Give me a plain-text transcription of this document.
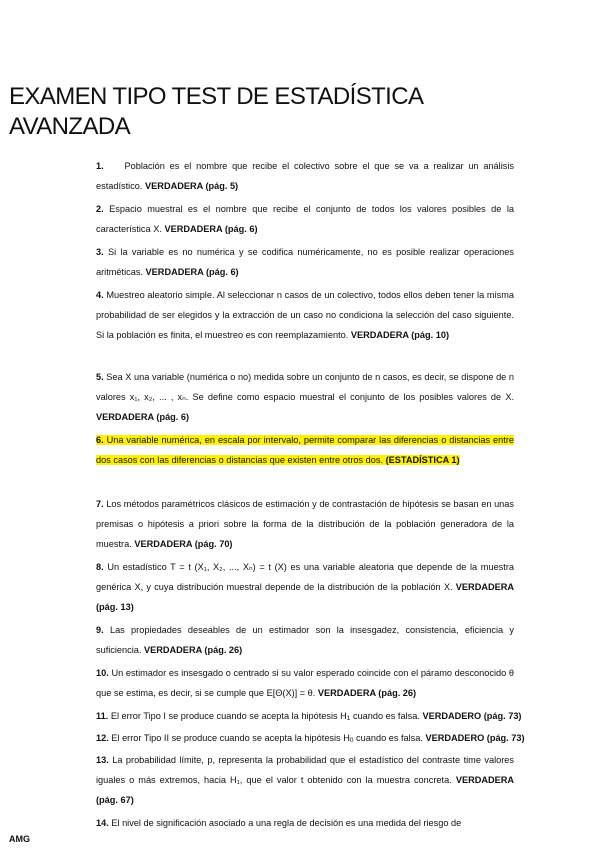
EXAMEN TIPO TEST DE ESTADÍSTICA
AVANZADA
1. Población es el nombre que recibe el colectivo sobre el que se va a realizar un análisis estadístico. VERDADERA (pág. 5)
2. Espacio muestral es el nombre que recibe el conjunto de todos los valores posibles de la característica X. VERDADERA (pág. 6)
3. Si la variable es no numérica y se codifica numéricamente, no es posible realizar operaciones aritméticas. VERDADERA (pág. 6)
4. Muestreo aleatorio simple. Al seleccionar n casos de un colectivo, todos ellos deben tener la misma probabilidad de ser elegidos y la extracción de un caso no condiciona la selección del caso siguiente. Si la población es finita, el muestreo es con reemplazamiento. VERDADERA (pág. 10)
5. Sea X una variable (numérica o no) medida sobre un conjunto de n casos, es decir, se dispone de n valores x₁, x₂, ... , xₙ. Se define como espacio muestral el conjunto de los posibles valores de X. VERDADERA (pág. 6)
6. Una variable numérica, en escala por intervalo, permite comparar las diferencias o distancias entre dos casos con las diferencias o distancias que existen entre otros dos. (ESTADÍSTICA 1)
7. Los métodos paramétricos clásicos de estimación y de contrastación de hipótesis se basan en unas premisas o hipótesis a priori sobre la forma de la distribución de la población generadora de la muestra. VERDADERA (pág. 70)
8. Un estadístico T = t (X₁, X₂, ..., Xₙ) = t (X) es una variable aleatoria que depende de la muestra genérica X, y cuya distribución muestral depende de la distribución de la población X. VERDADERA (pág. 13)
9. Las propiedades deseables de un estimador son la insesgadez, consistencia, eficiencia y suficiencia. VERDADERA (pág. 26)
10. Un estimador es insesgado o centrado si su valor esperado coincide con el páramo desconocido θ que se estima, es decir, si se cumple que E[Θ(X)] = θ. VERDADERA (pág. 26)
11. El error Tipo I se produce cuando se acepta la hipótesis H1 cuando es falsa. VERDADERO (pág. 73)
12. El error Tipo II se produce cuando se acepta la hipótesis H0 cuando es falsa. VERDADERO (pág. 73)
13. La probabilidad límite, p, representa la probabilidad que el estadístico del contraste time valores iguales o más extremos, hacia H₁, que el valor t obtenido con la muestra concreta. VERDADERA (pág. 67)
14. El nivel de significación asociado a una regla de decisión es una medida del riesgo de
AMG
